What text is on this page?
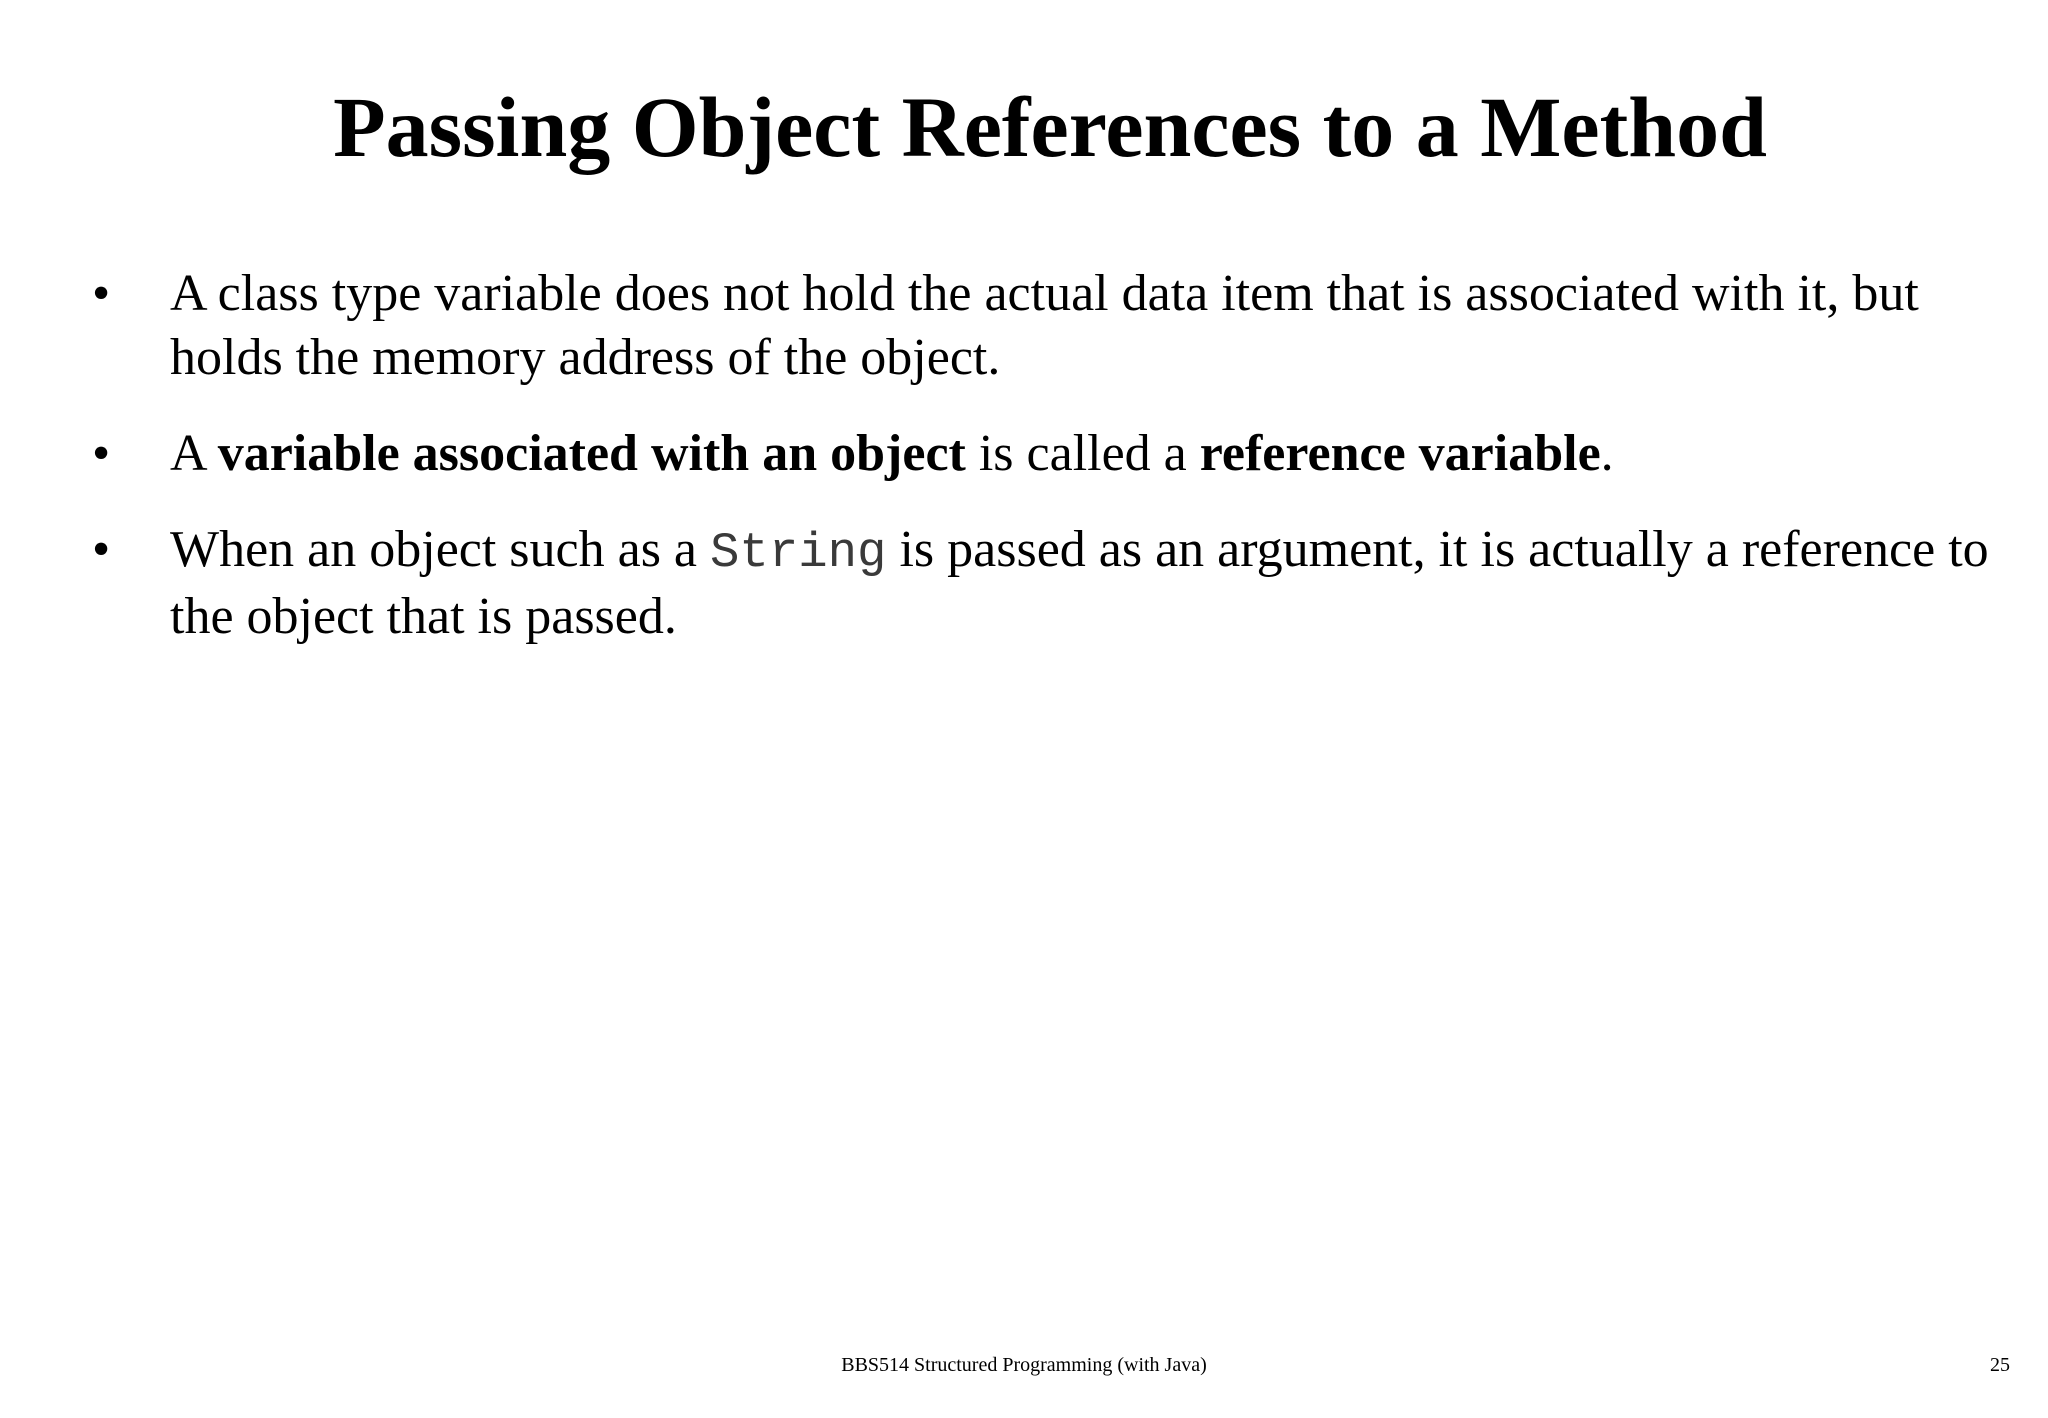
Passing Object References to a Method
• A class type variable does not hold the actual data item that is associated with it, but holds the memory address of the object.
• A variable associated with an object is called a reference variable.
• When an object such as a String is passed as an argument, it is actually a reference to the object that is passed.
BBS514 Structured Programming (with Java)	25
